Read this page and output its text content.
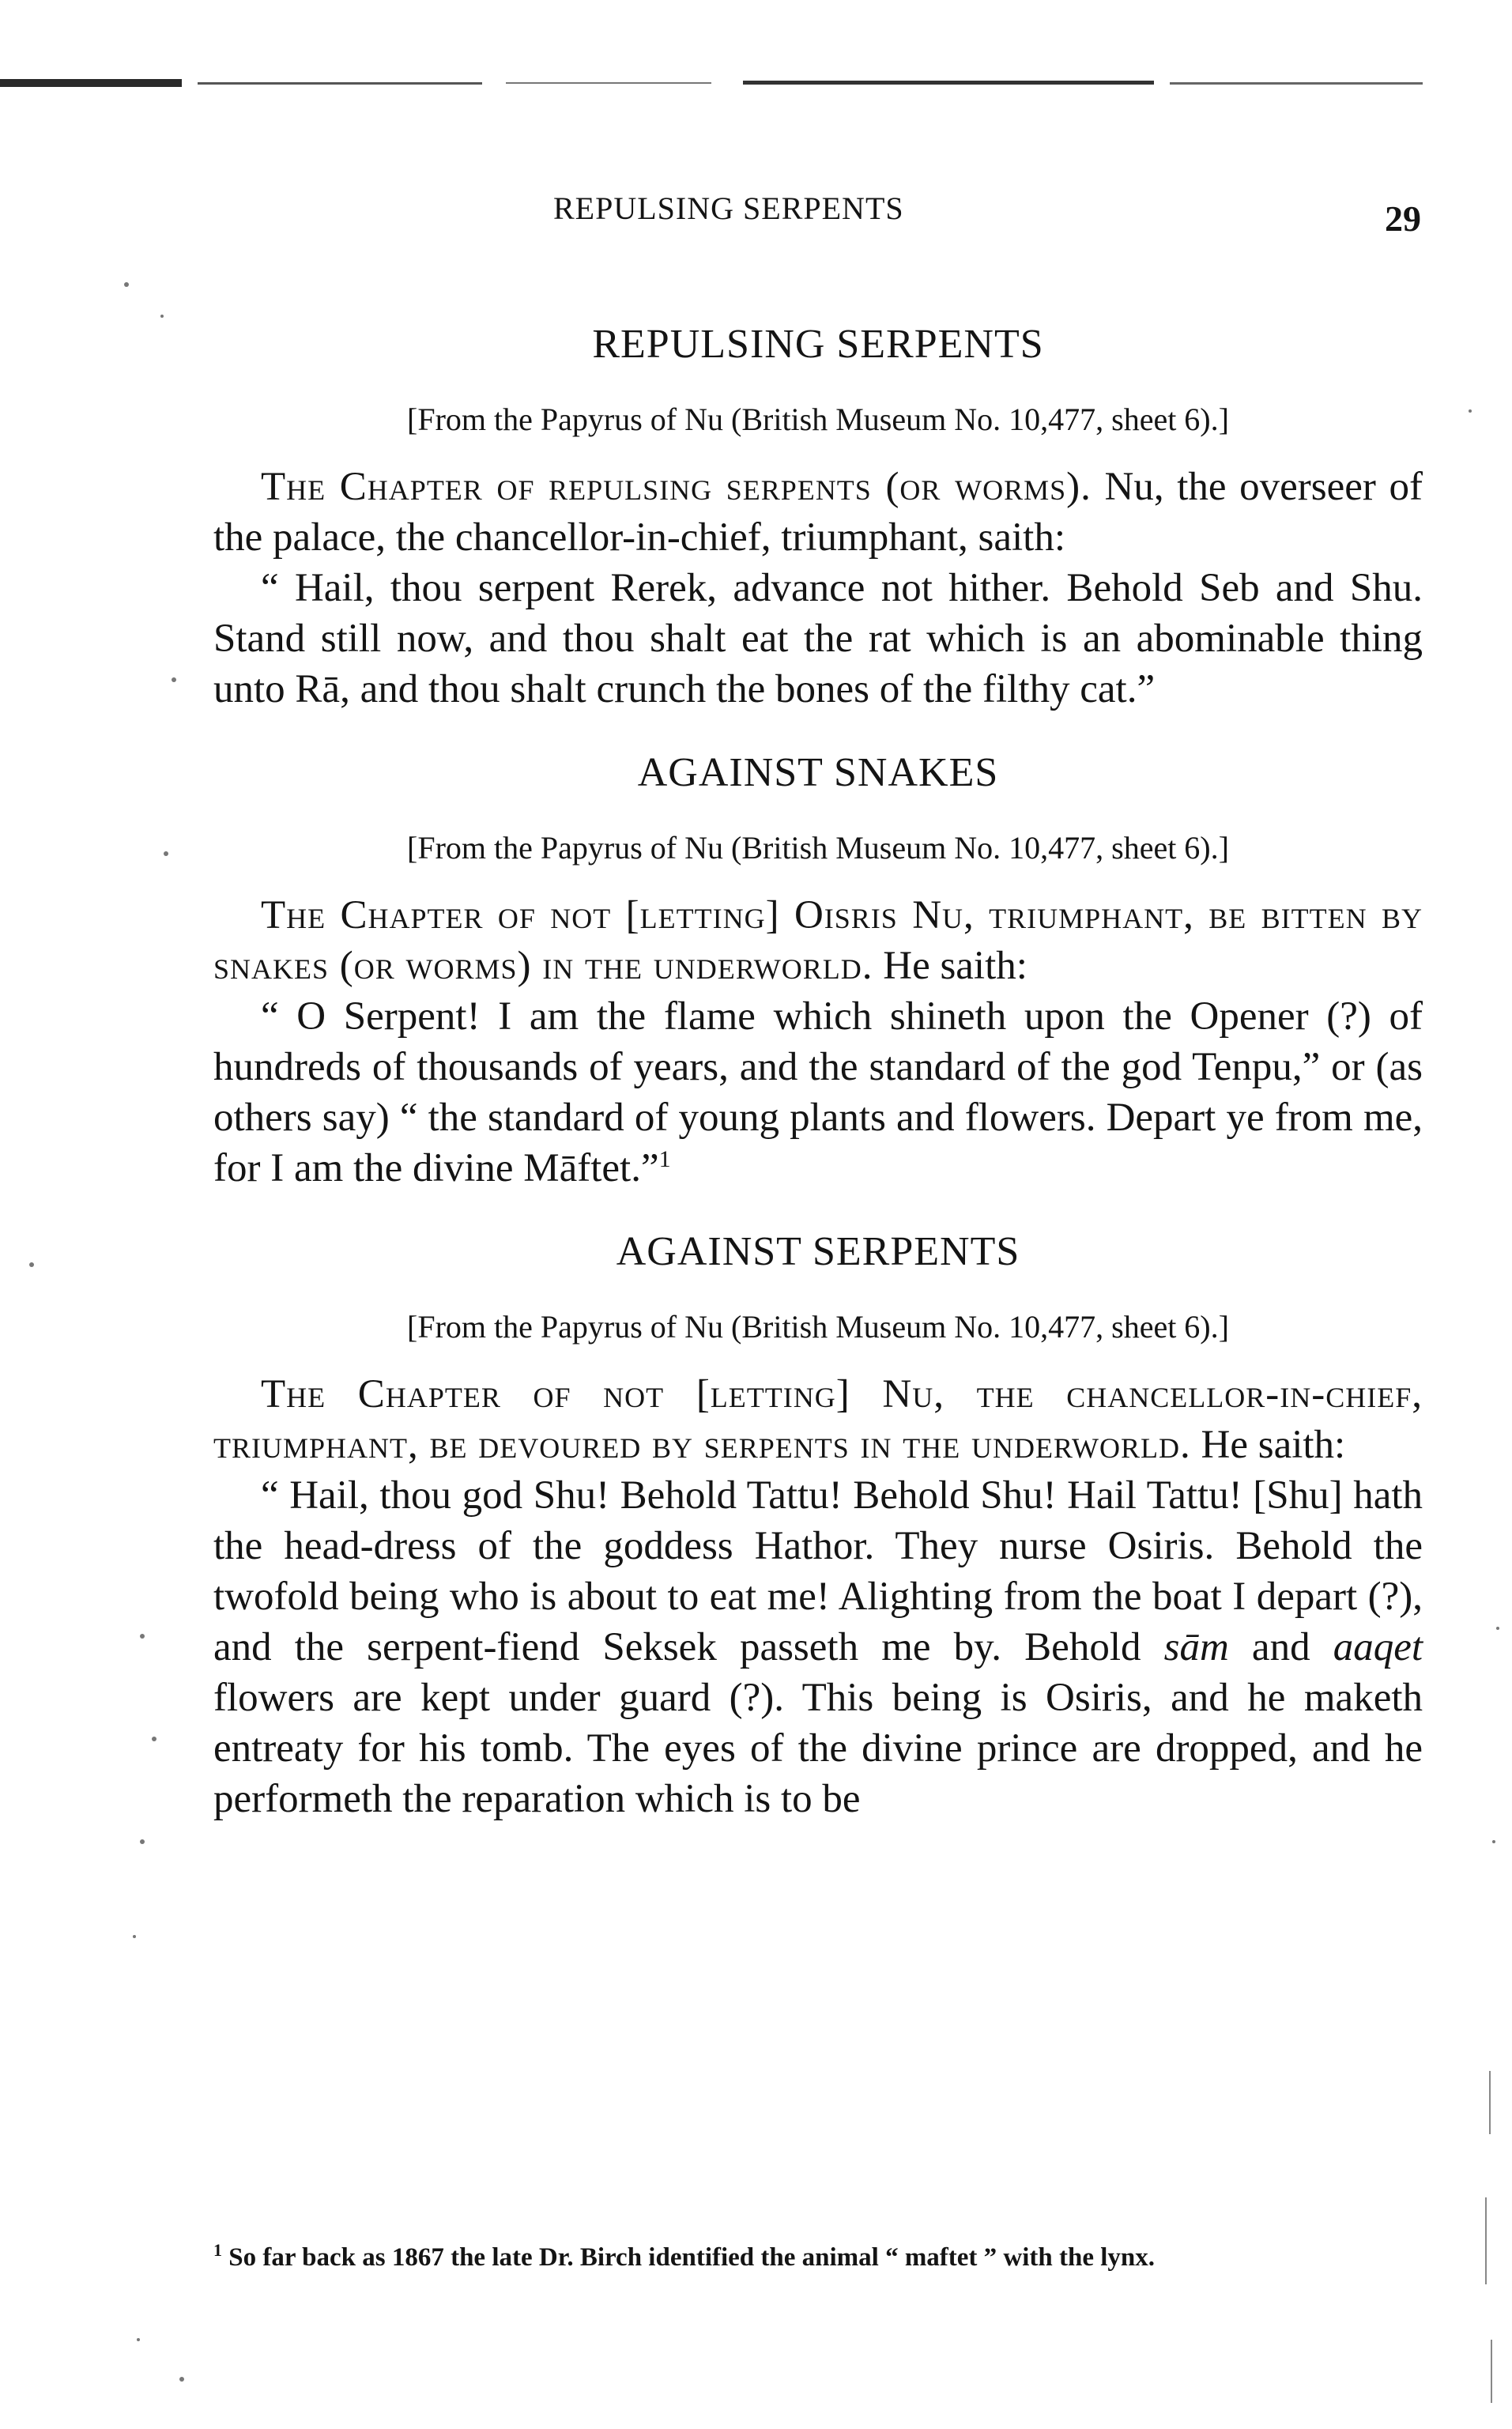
REPULSING SERPENTS	29
REPULSING SERPENTS

[From the Papyrus of Nu (British Museum No. 10,477, sheet 6).]

The Chapter of repulsing serpents (or worms). Nu, the overseer of the palace, the chancellor-in-chief, triumphant, saith:

“ Hail, thou serpent Rerek, advance not hither. Behold Seb and Shu. Stand still now, and thou shalt eat the rat which is an abominable thing unto Rā, and thou shalt crunch the bones of the filthy cat.”

AGAINST SNAKES

[From the Papyrus of Nu (British Museum No. 10,477, sheet 6).]

The Chapter of not [letting] Oisris Nu, triumphant, be bitten by snakes (or worms) in the underworld. He saith:

“ O Serpent! I am the flame which shineth upon the Opener (?) of hundreds of thousands of years, and the standard of the god Tenpu,” or (as others say) “ the standard of young plants and flowers. Depart ye from me, for I am the divine Māftet.”$^1$

AGAINST SERPENTS

[From the Papyrus of Nu (British Museum No. 10,477, sheet 6).]

The Chapter of not [letting] Nu, the chancellor-in-chief, triumphant, be devoured by serpents in the underworld. He saith:

“ Hail, thou god Shu! Behold Tattu! Behold Shu! Hail Tattu! [Shu] hath the head-dress of the goddess Hathor. They nurse Osiris. Behold the twofold being who is about to eat me! Alighting from the boat I depart (?), and the serpent-fiend Seksek passeth me by. Behold sām and aaqet flowers are kept under guard (?). This being is Osiris, and he maketh entreaty for his tomb. The eyes of the divine prince are dropped, and he performeth the reparation which is to be

$^1$ So far back as 1867 the late Dr. Birch identified the animal “ maftet ” with the lynx.
